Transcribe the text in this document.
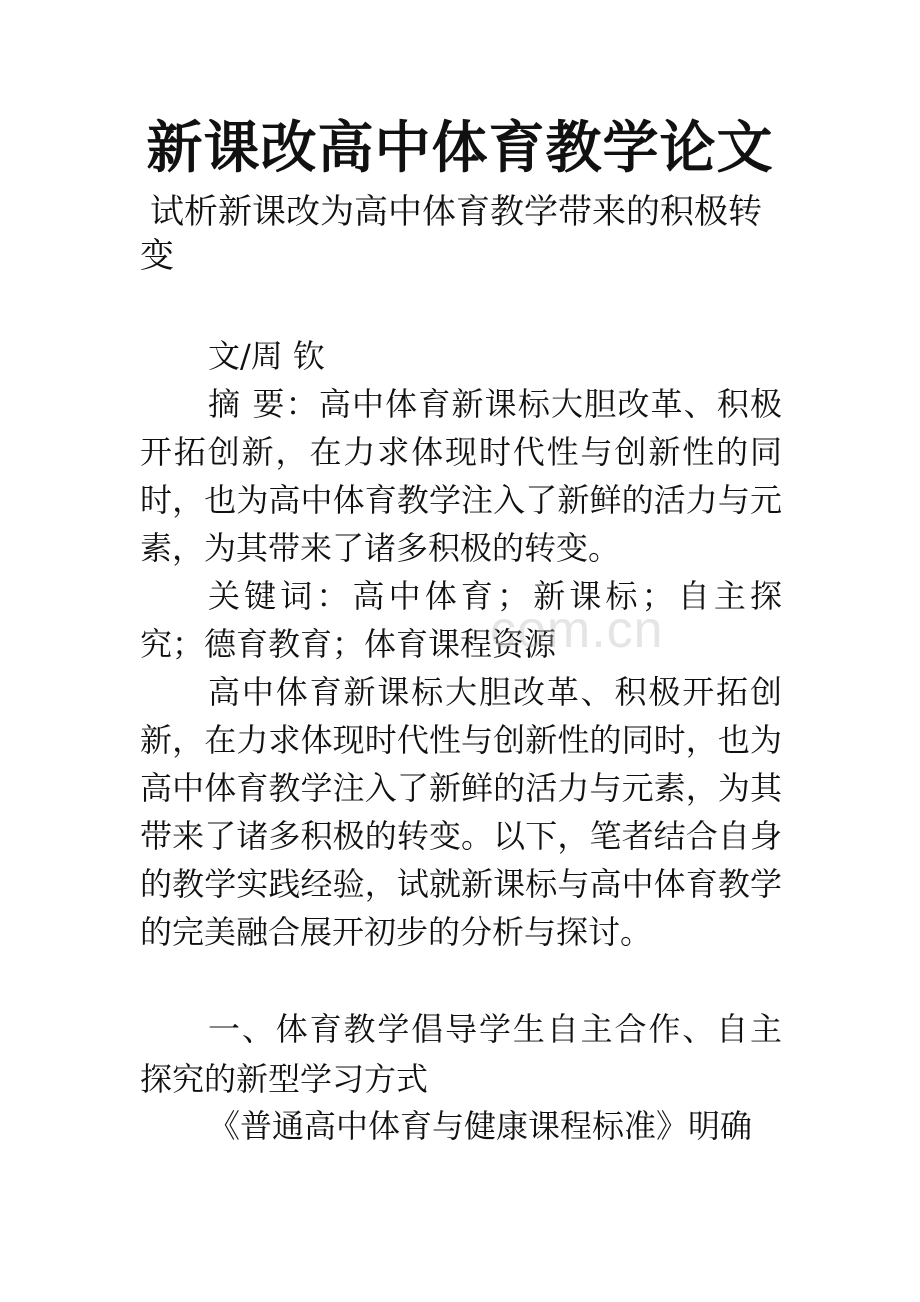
新课改高中体育教学论文

试析新课改为高中体育教学带来的积极转变

文/周 钦

摘 要：高中体育新课标大胆改革、积极开拓创新，在力求体现时代性与创新性的同时，也为高中体育教学注入了新鲜的活力与元素，为其带来了诸多积极的转变。

关键词：高中体育；新课标；自主探究；德育教育；体育课程资源

高中体育新课标大胆改革、积极开拓创新，在力求体现时代性与创新性的同时，也为高中体育教学注入了新鲜的活力与元素，为其带来了诸多积极的转变。以下，笔者结合自身的教学实践经验，试就新课标与高中体育教学的完美融合展开初步的分析与探讨。

一、体育教学倡导学生自主合作、自主探究的新型学习方式

《普通高中体育与健康课程标准》明确

com.cn
